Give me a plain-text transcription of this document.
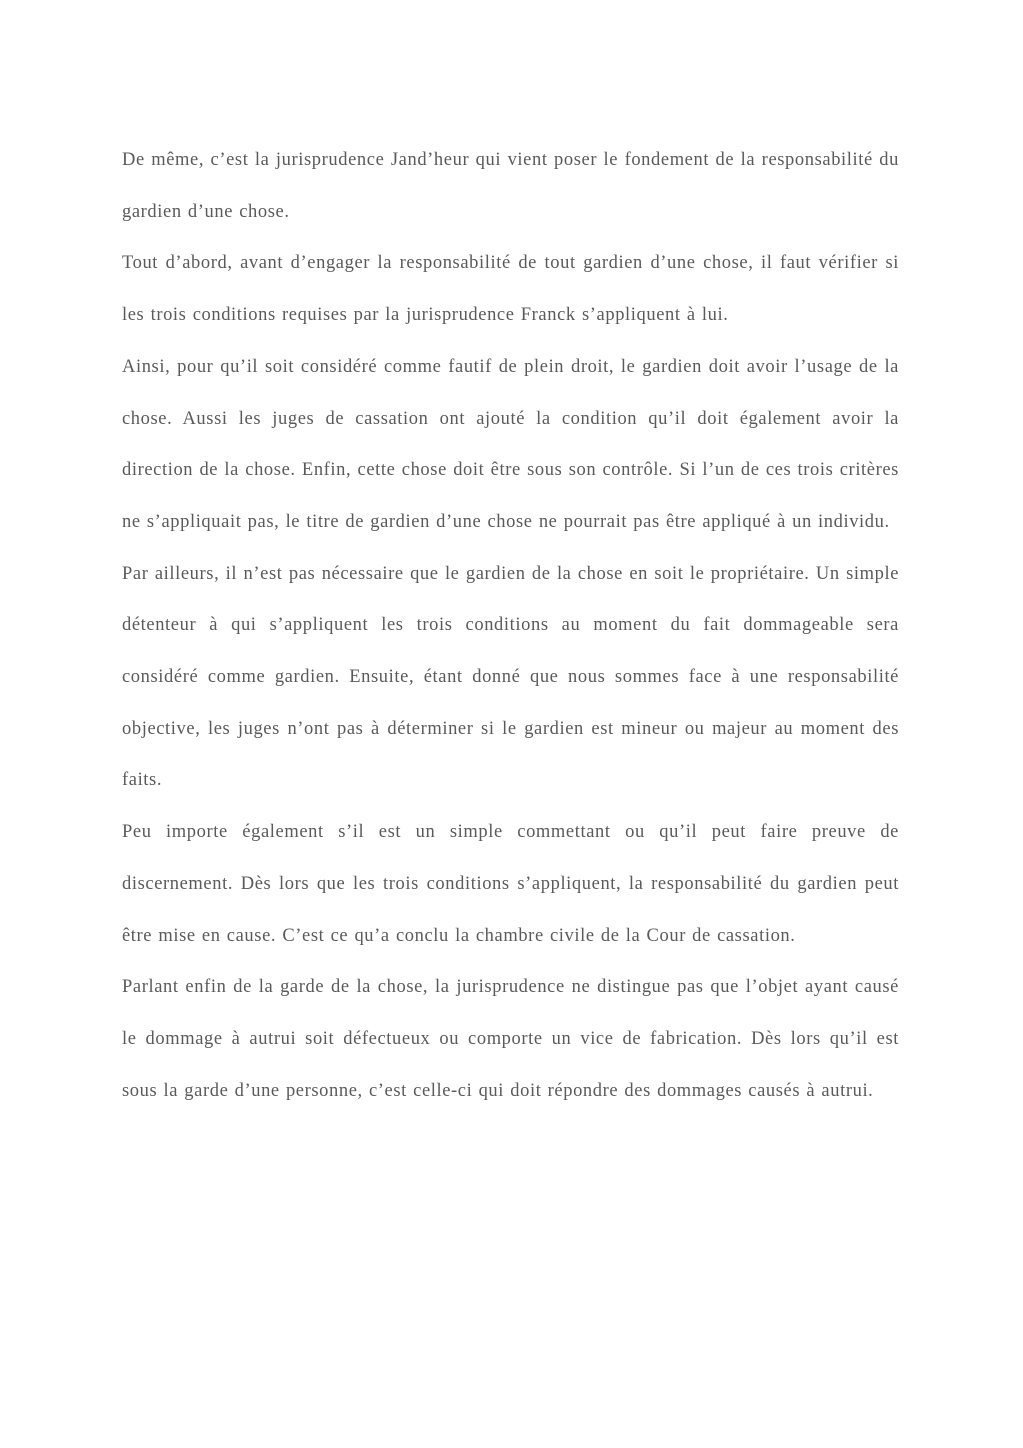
De même, c’est la jurisprudence Jand’heur qui vient poser le fondement de la responsabilité du gardien d’une chose.

Tout d’abord, avant d’engager la responsabilité de tout gardien d’une chose, il faut vérifier si les trois conditions requises par la jurisprudence Franck s’appliquent à lui.

Ainsi, pour qu’il soit considéré comme fautif de plein droit, le gardien doit avoir l’usage de la chose. Aussi les juges de cassation ont ajouté la condition qu’il doit également avoir la direction de la chose. Enfin, cette chose doit être sous son contrôle. Si l’un de ces trois critères ne s’appliquait pas, le titre de gardien d’une chose ne pourrait pas être appliqué à un individu.

Par ailleurs, il n’est pas nécessaire que le gardien de la chose en soit le propriétaire. Un simple détenteur à qui s’appliquent les trois conditions au moment du fait dommageable sera considéré comme gardien. Ensuite, étant donné que nous sommes face à une responsabilité objective, les juges n’ont pas à déterminer si le gardien est mineur ou majeur au moment des faits.

Peu importe également s’il est un simple commettant ou qu’il peut faire preuve de discernement. Dès lors que les trois conditions s’appliquent, la responsabilité du gardien peut être mise en cause. C’est ce qu’a conclu la chambre civile de la Cour de cassation.

Parlant enfin de la garde de la chose, la jurisprudence ne distingue pas que l’objet ayant causé le dommage à autrui soit défectueux ou comporte un vice de fabrication. Dès lors qu’il est sous la garde d’une personne, c’est celle-ci qui doit répondre des dommages causés à autrui.
